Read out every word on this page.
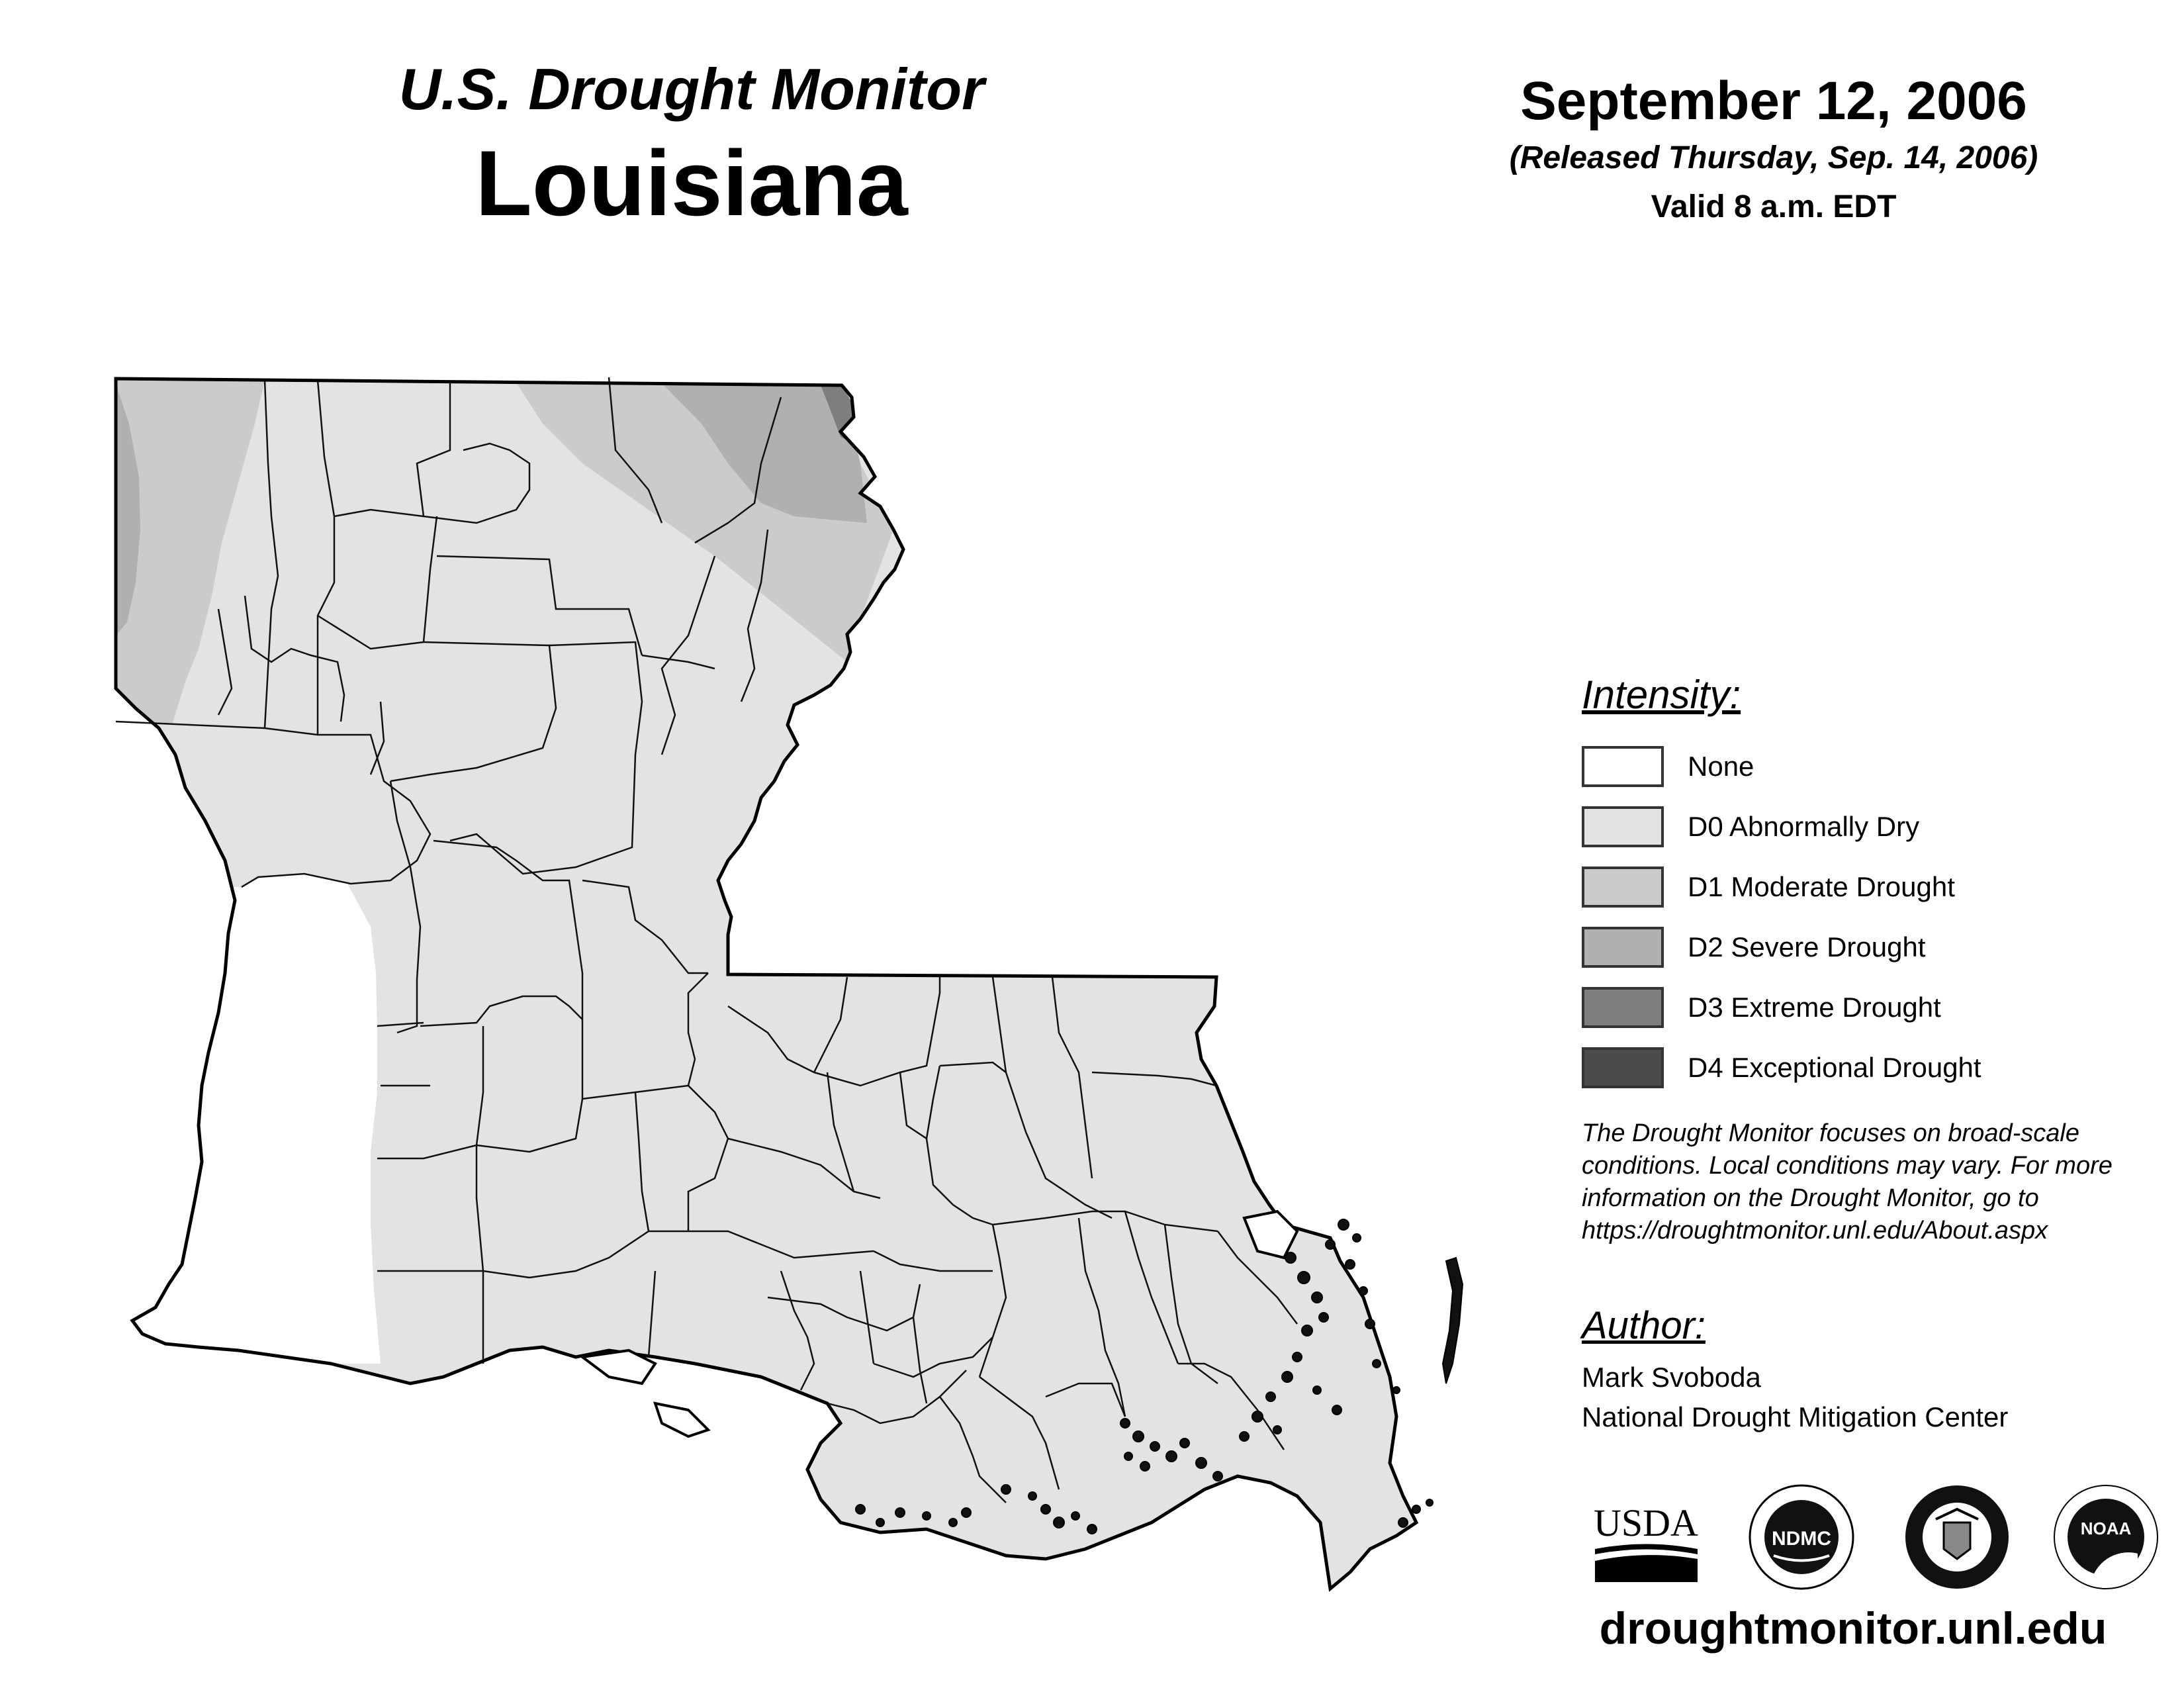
U.S. Drought Monitor
Louisiana
September 12, 2006
(Released Thursday, Sep. 14, 2006)
Valid 8 a.m. EDT
Intensity:
None
D0 Abnormally Dry
D1 Moderate Drought
D2 Severe Drought
D3 Extreme Drought
D4 Exceptional Drought
The Drought Monitor focuses on broad-scale
conditions. Local conditions may vary. For more
information on the Drought Monitor, go to
https://droughtmonitor.unl.edu/About.aspx
Author:
Mark Svoboda
National Drought Mitigation Center
USDA	NDMC	NOAA
droughtmonitor.unl.edu
